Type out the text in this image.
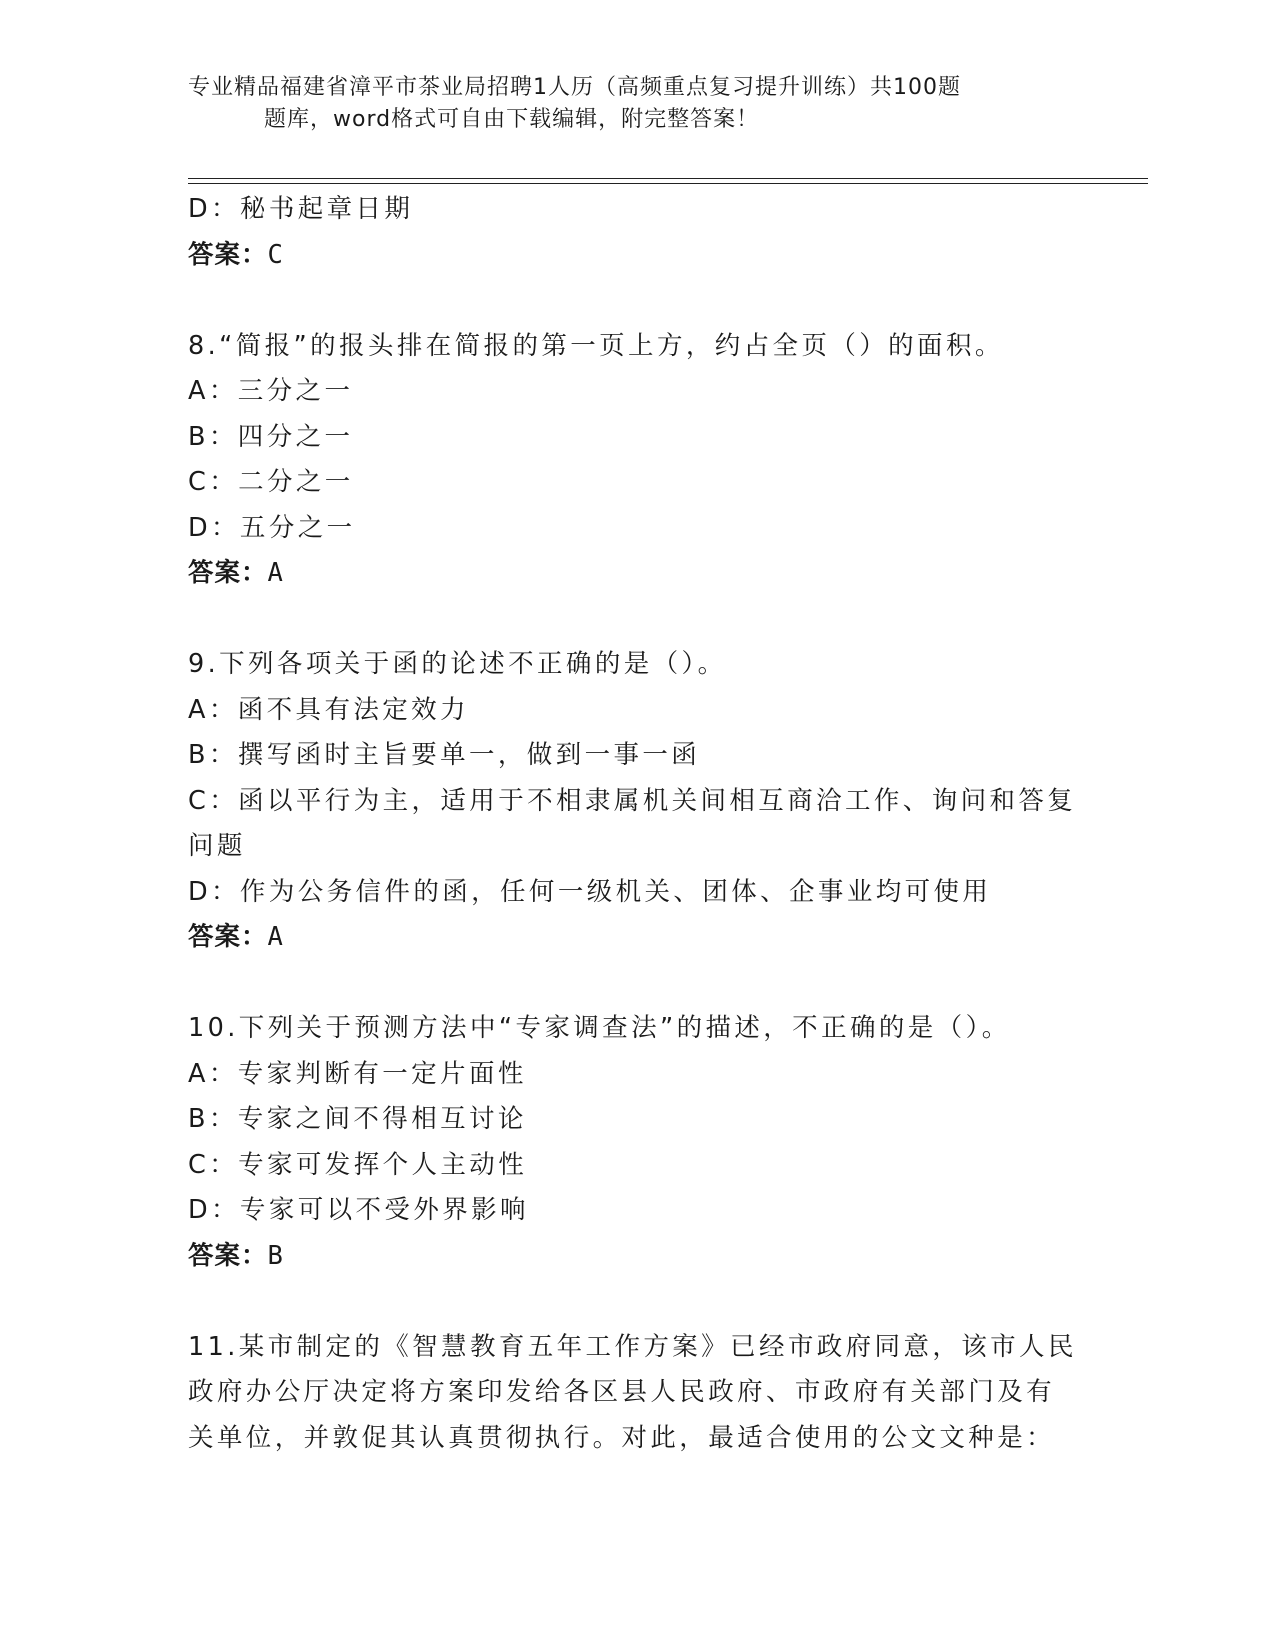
专业精品福建省漳平市茶业局招聘1人历（高频重点复习提升训练）共100题
题库，word格式可自由下载编辑，附完整答案！
D：秘书起章日期
答案：C
8.“简报”的报头排在简报的第一页上方，约占全页（）的面积。
A：三分之一
B：四分之一
C：二分之一
D：五分之一
答案：A
9.下列各项关于函的论述不正确的是（）。
A：函不具有法定效力
B：撰写函时主旨要单一，做到一事一函
C：函以平行为主，适用于不相隶属机关间相互商洽工作、询问和答复
问题
D：作为公务信件的函，任何一级机关、团体、企事业均可使用
答案：A
10.下列关于预测方法中“专家调查法”的描述，不正确的是（）。
A：专家判断有一定片面性
B：专家之间不得相互讨论
C：专家可发挥个人主动性
D：专家可以不受外界影响
答案：B
11.某市制定的《智慧教育五年工作方案》已经市政府同意，该市人民
政府办公厅决定将方案印发给各区县人民政府、市政府有关部门及有
关单位，并敦促其认真贯彻执行。对此，最适合使用的公文文种是：
